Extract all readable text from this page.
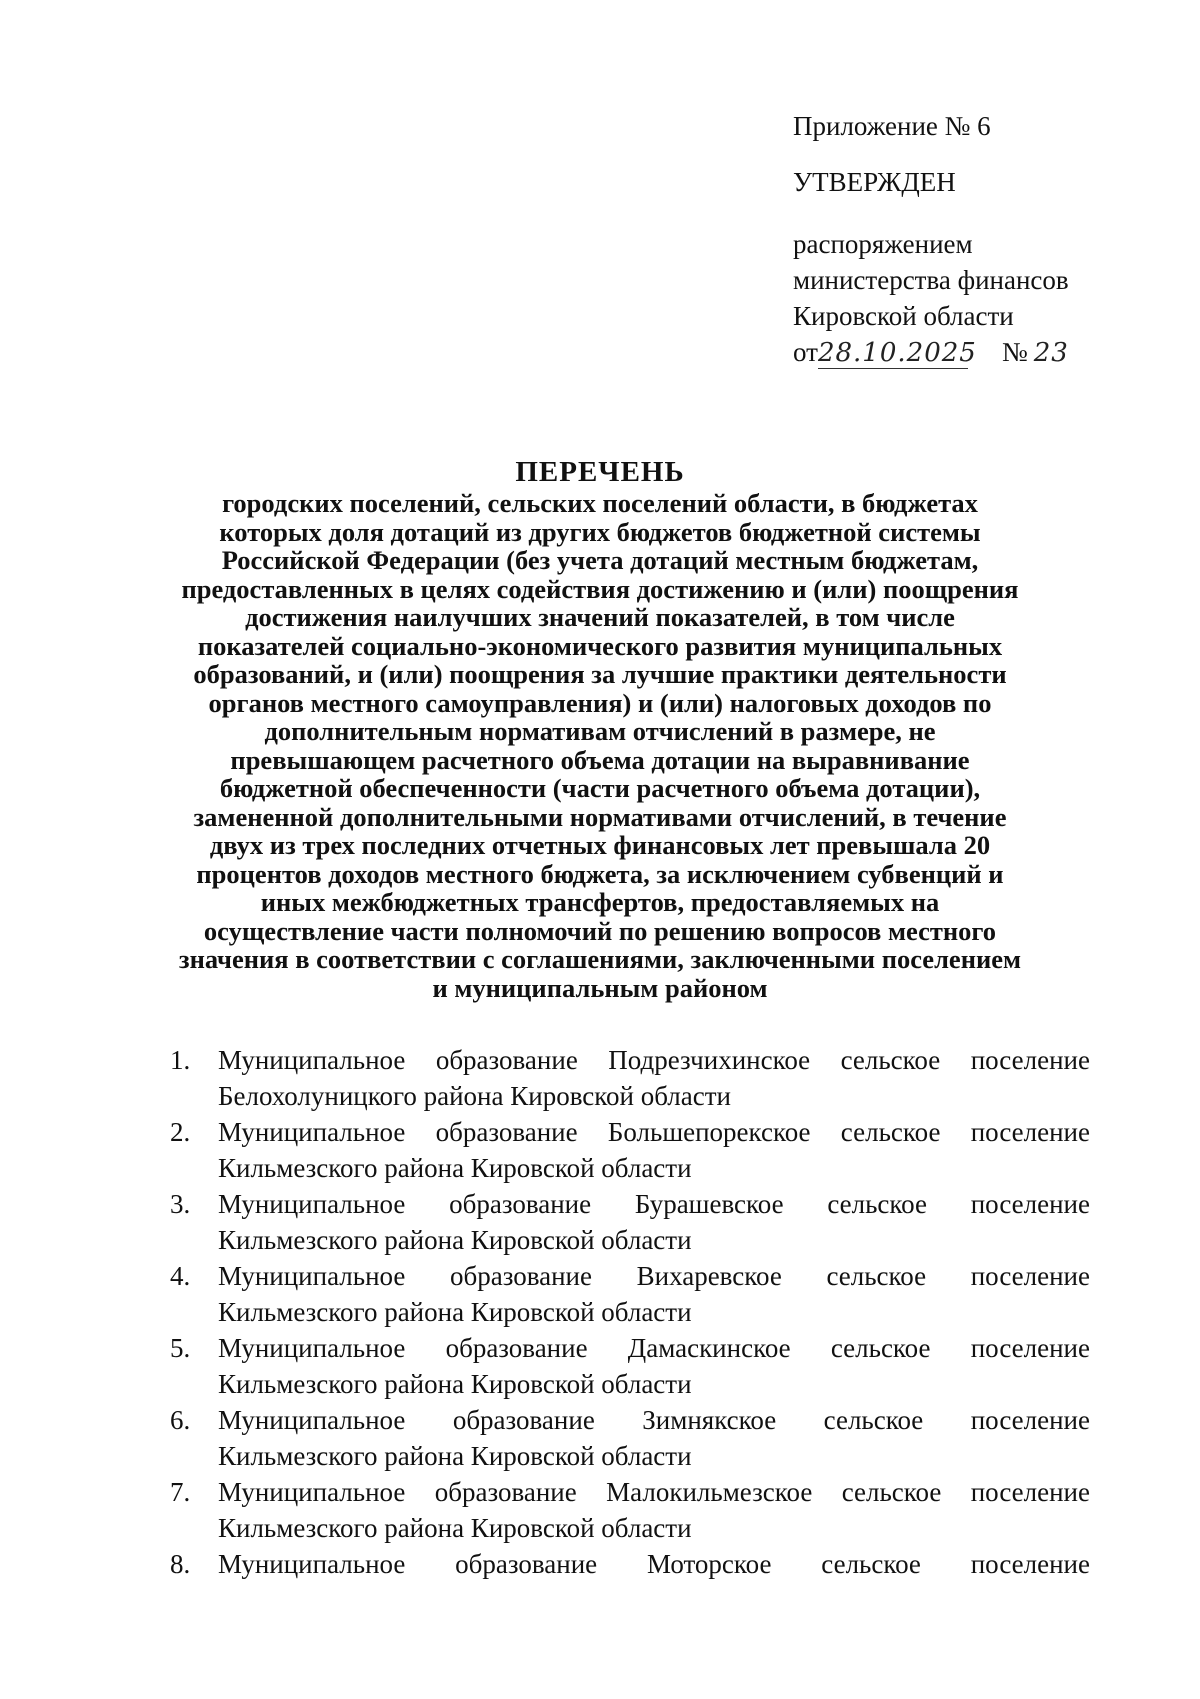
Приложение № 6
УТВЕРЖДЕН
распоряжением
министерства финансов
Кировской области
от28.10.2025 № 23
ПЕРЕЧЕНЬ
городских поселений, сельских поселений области, в бюджетах
которых доля дотаций из других бюджетов бюджетной системы
Российской Федерации (без учета дотаций местным бюджетам,
предоставленных в целях содействия достижению и (или) поощрения
достижения наилучших значений показателей, в том числе
показателей социально-экономического развития муниципальных
образований, и (или) поощрения за лучшие практики деятельности
органов местного самоуправления) и (или) налоговых доходов по
дополнительным нормативам отчислений в размере, не
превышающем расчетного объема дотации на выравнивание
бюджетной обеспеченности (части расчетного объема дотации),
замененной дополнительными нормативами отчислений, в течение
двух из трех последних отчетных финансовых лет превышала 20
процентов доходов местного бюджета, за исключением субвенций и
иных межбюджетных трансфертов, предоставляемых на
осуществление части полномочий по решению вопросов местного
значения в соответствии с соглашениями, заключенными поселением
и муниципальным районом
1.	Муниципальное образование Подрезчихинское сельское поселение
Белохолуницкого района Кировской области
2.	Муниципальное образование Большепорекское сельское поселение
Кильмезского района Кировской области
3.	Муниципальное образование Бурашевское сельское поселение
Кильмезского района Кировской области
4.	Муниципальное образование Вихаревское сельское поселение
Кильмезского района Кировской области
5.	Муниципальное образование Дамаскинское сельское поселение
Кильмезского района Кировской области
6.	Муниципальное образование Зимнякское сельское поселение
Кильмезского района Кировской области
7.	Муниципальное образование Малокильмезское сельское поселение
Кильмезского района Кировской области
8.	Муниципальное образование Моторское сельское поселение
